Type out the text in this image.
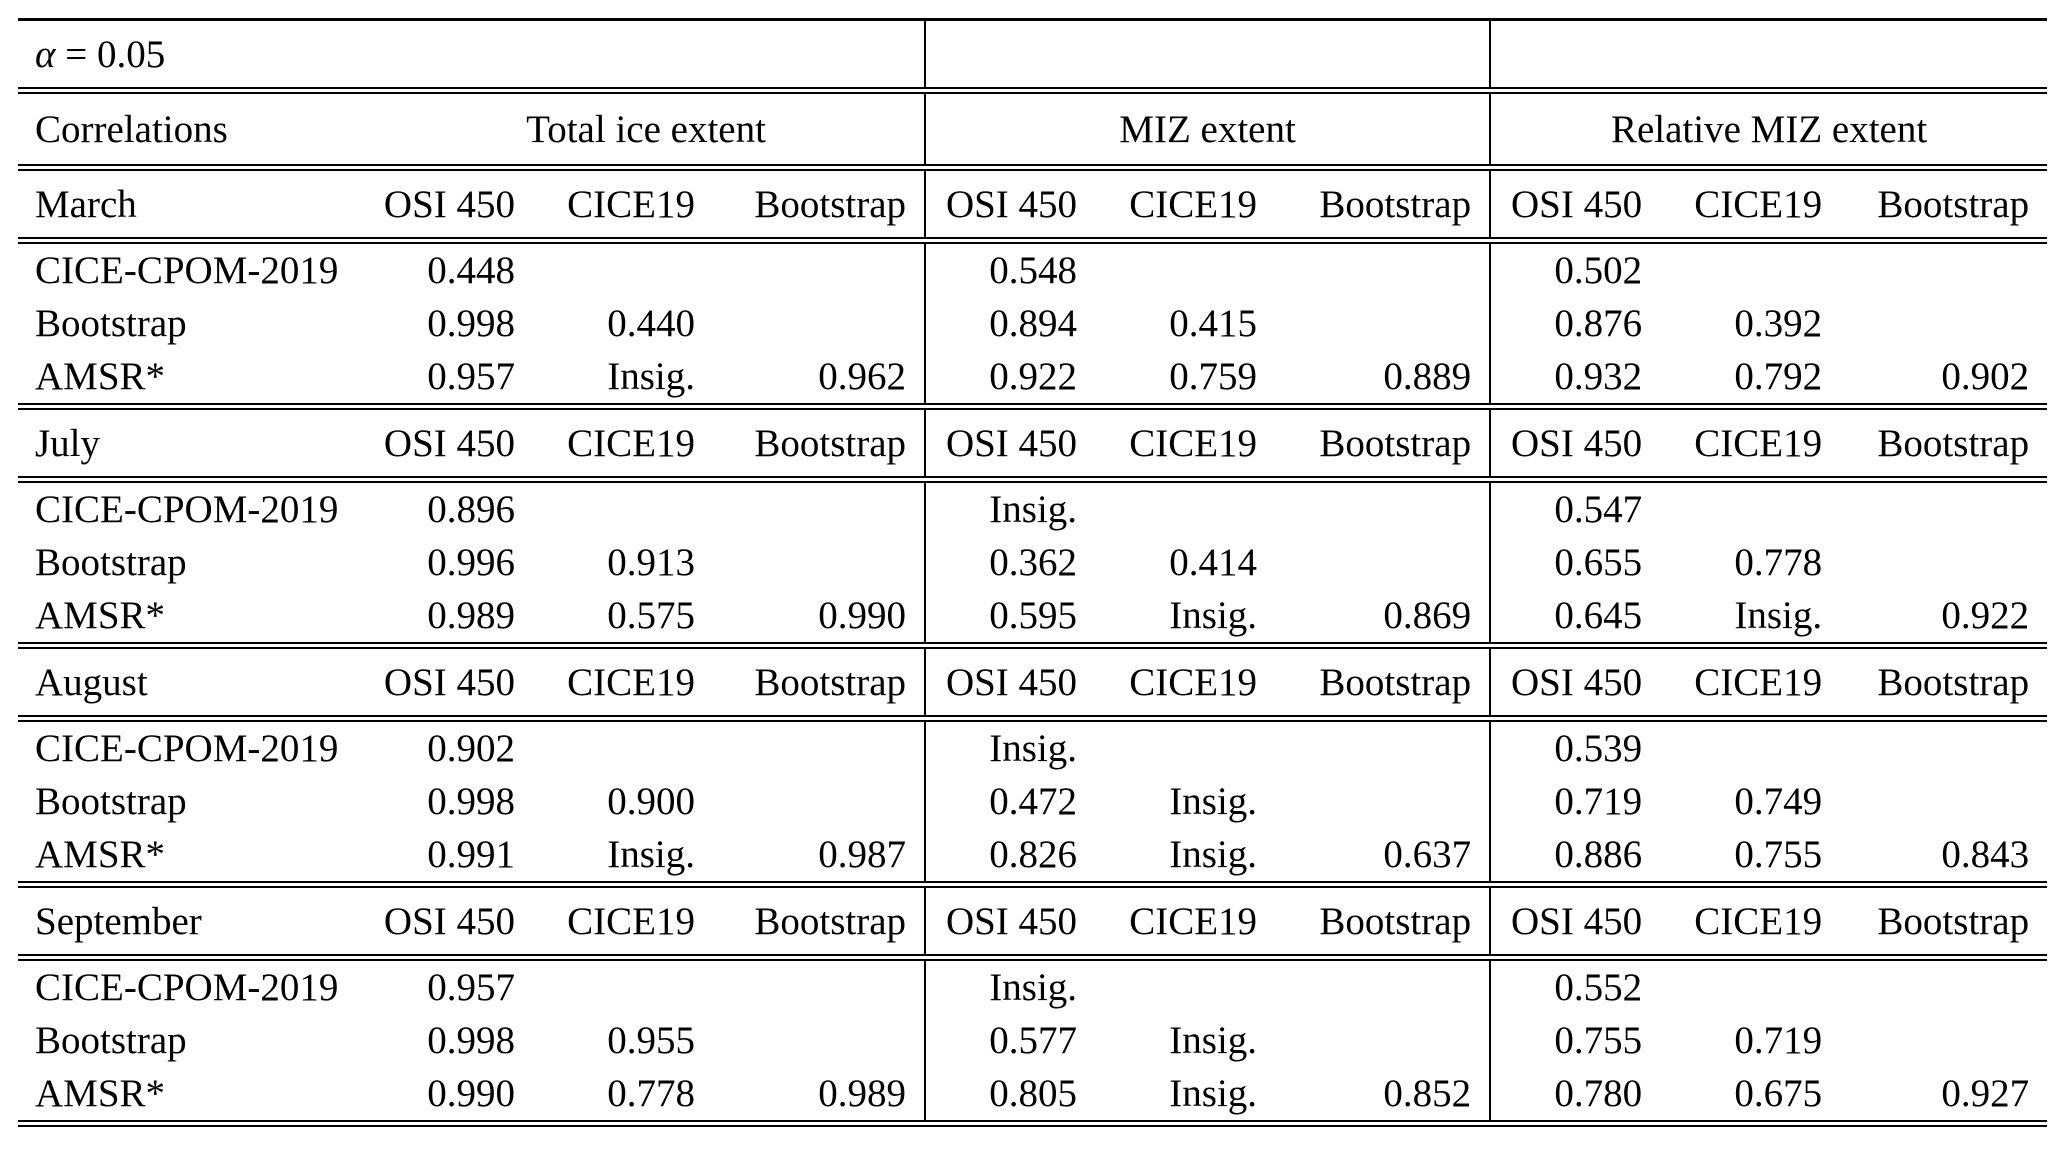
α = 0.05									
Correlations	Total ice extent			MIZ extent			Relative MIZ extent		
March	OSI 450	CICE19	Bootstrap	OSI 450	CICE19	Bootstrap	OSI 450	CICE19	Bootstrap
CICE-CPOM-2019	0.448			0.548			0.502		
Bootstrap	0.998	0.440		0.894	0.415		0.876	0.392	
AMSR*	0.957	Insig.	0.962	0.922	0.759	0.889	0.932	0.792	0.902
July	OSI 450	CICE19	Bootstrap	OSI 450	CICE19	Bootstrap	OSI 450	CICE19	Bootstrap
CICE-CPOM-2019	0.896			Insig.			0.547		
Bootstrap	0.996	0.913		0.362	0.414		0.655	0.778	
AMSR*	0.989	0.575	0.990	0.595	Insig.	0.869	0.645	Insig.	0.922
August	OSI 450	CICE19	Bootstrap	OSI 450	CICE19	Bootstrap	OSI 450	CICE19	Bootstrap
CICE-CPOM-2019	0.902			Insig.			0.539		
Bootstrap	0.998	0.900		0.472	Insig.		0.719	0.749	
AMSR*	0.991	Insig.	0.987	0.826	Insig.	0.637	0.886	0.755	0.843
September	OSI 450	CICE19	Bootstrap	OSI 450	CICE19	Bootstrap	OSI 450	CICE19	Bootstrap
CICE-CPOM-2019	0.957			Insig.			0.552		
Bootstrap	0.998	0.955		0.577	Insig.		0.755	0.719	
AMSR*	0.990	0.778	0.989	0.805	Insig.	0.852	0.780	0.675	0.927
